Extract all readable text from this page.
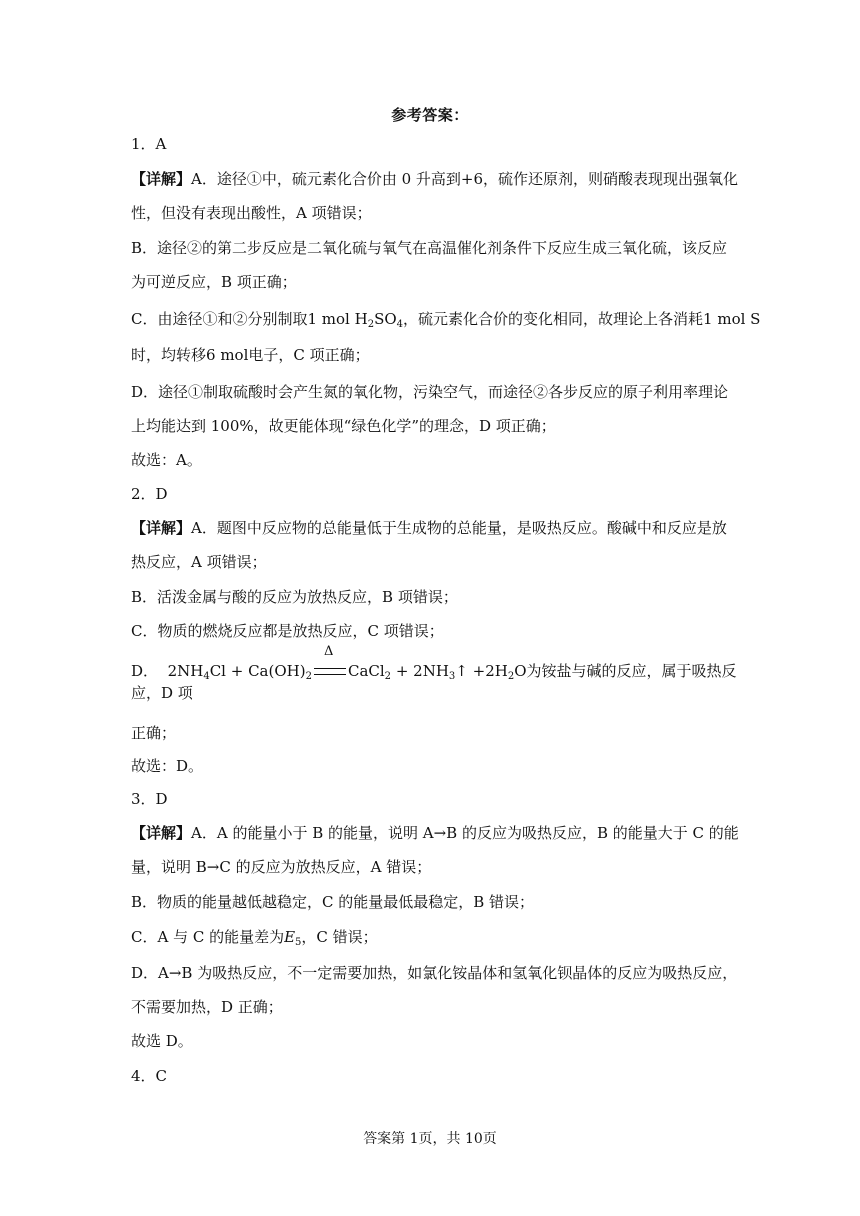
参考答案：
1．A
【详解】A．途径①中，硫元素化合价由 0 升高到+6，硫作还原剂，则硝酸表现现出强氧化
性，但没有表现出酸性，A 项错误；
B．途径②的第二步反应是二氧化硫与氧气在高温催化剂条件下反应生成三氧化硫，该反应
为可逆反应，B 项正确；
C．由途径①和②分别制取1 mol $H_2SO_4$，硫元素化合价的变化相同，故理论上各消耗1 mol S
时，均转移6 mol电子，C 项正确；
D．途径①制取硫酸时会产生氮的氧化物，污染空气，而途径②各步反应的原子利用率理论
上均能达到 100%，故更能体现“绿色化学”的理念，D 项正确；
故选：A。
2．D
【详解】A．题图中反应物的总能量低于生成物的总能量，是吸热反应。酸碱中和反应是放
热反应，A 项错误；
B．活泼金属与酸的反应为放热反应，B 项错误；
C．物质的燃烧反应都是放热反应，C 项错误；
D． $2NH_4Cl + Ca(OH)_2$
Δ
CaCl$_2$ + $2NH_3↑ +2H_2O$为铵盐与碱的反应，属于吸热反应，D 项
正确；
故选：D。
3．D
【详解】A．A 的能量小于 B 的能量，说明 A→B 的反应为吸热反应，B 的能量大于 C 的能
量，说明 B→C 的反应为放热反应，A 错误；
B．物质的能量越低越稳定，C 的能量最低最稳定，B 错误；
C．A 与 C 的能量差为$E_5$，C 错误；
D．A→B 为吸热反应，不一定需要加热，如氯化铵晶体和氢氧化钡晶体的反应为吸热反应，
不需要加热，D 正确；
故选 D。
4．C
答案第 1页，共 10页
